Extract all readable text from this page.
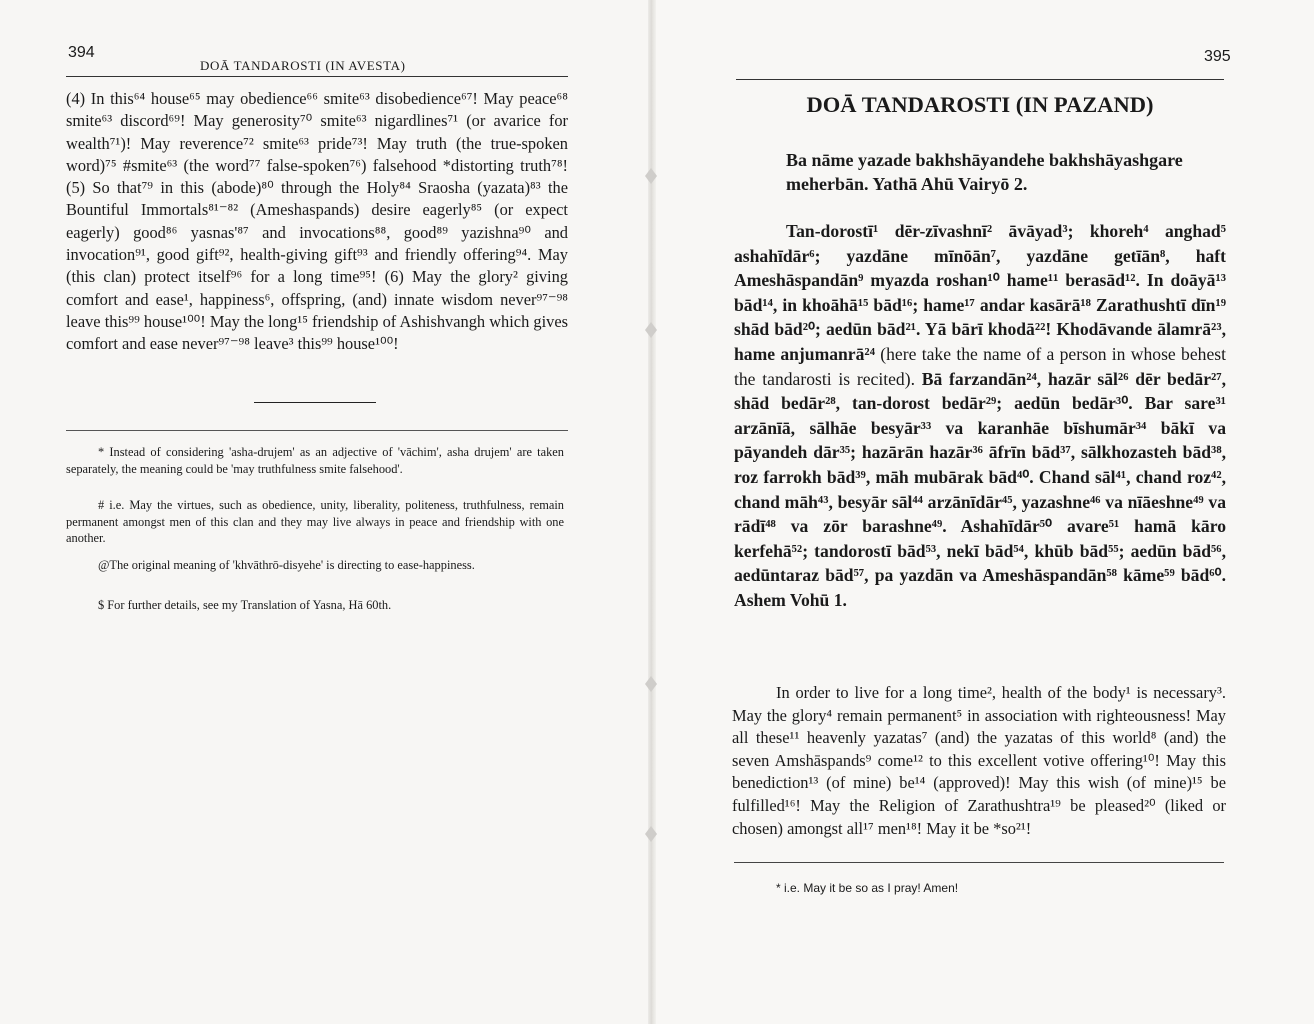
394
DOĀ TANDAROSTI (IN AVESTA)

(4) In this⁶⁴ house⁶⁵ may obedience⁶⁶ smite⁶³ disobedience⁶⁷! May peace⁶⁸ smite⁶³ discord⁶⁹! May generosity⁷⁰ smite⁶³ nigardlines⁷¹ (or avarice for wealth⁷¹)! May reverence⁷² smite⁶³ pride⁷³! May truth (the true-spoken word)⁷⁵ #smite⁶³ (the word⁷⁷ false-spoken⁷⁶) falsehood *distorting truth⁷⁸! (5) So that⁷⁹ in this (abode)⁸⁰ through the Holy⁸⁴ Sraosha (yazata)⁸³ the Bountiful Immortals⁸¹⁻⁸² (Ameshaspands) desire eagerly⁸⁵ (or expect eagerly) good⁸⁶ yasnas'⁸⁷ and invocations⁸⁸, good⁸⁹ yazishna⁹⁰ and invocation⁹¹, good gift⁹², health-giving gift⁹³ and friendly offering⁹⁴. May (this clan) protect itself⁹⁶ for a long time⁹⁵! (6) May the glory² giving comfort and ease¹, happiness⁶, offspring, (and) innate wisdom never⁹⁷⁻⁹⁸ leave this⁹⁹ house¹⁰⁰! May the long¹⁵ friendship of Ashishvangh which gives comfort and ease never⁹⁷⁻⁹⁸ leave³ this⁹⁹ house¹⁰⁰!

* Instead of considering 'asha-drujem' as an adjective of 'vāchim', asha drujem' are taken separately, the meaning could be 'may truthfulness smite falsehood'.

# i.e. May the virtues, such as obedience, unity, liberality, politeness, truthfulness, remain permanent amongst men of this clan and they may live always in peace and friendship with one another.

@The original meaning of 'khvāthrō-disyehe' is directing to ease-happiness.

$ For further details, see my Translation of Yasna, Hā 60th.

395
DOĀ TANDAROSTI (IN PAZAND)

Ba nāme yazade bakhshāyandehe bakhshāyashgare meherbān. Yathā Ahū Vairyō 2.

Tan-dorostī¹ dēr-zīvashnī² āvāyad³; khoreh⁴ anghad⁵ ashahīdār⁶; yazdāne mīnōān⁷, yazdāne getīān⁸, haft Ameshāspandān⁹ myazda roshan¹⁰ hame¹¹ berasād¹². In doāyā¹³ bād¹⁴, in khoāhā¹⁵ bād¹⁶; hame¹⁷ andar kasārā¹⁸ Zarathushtī dīn¹⁹ shād bād²⁰; aedūn bād²¹. Yā bārī khodā²²! Khodāvande ālamrā²³, hame anjumanrā²⁴ (here take the name of a person in whose behest the tandarosti is recited). Bā farzandān²⁴, hazār sāl²⁶ dēr bedār²⁷, shād bedār²⁸, tan-dorost bedār²⁹; aedūn bedār³⁰. Bar sare³¹ arzānīā, sālhāe besyār³³ va karanhāe bīshumār³⁴ bākī va pāyandeh dār³⁵; hazārān hazār³⁶ āfrīn bād³⁷, sālkhozasteh bād³⁸, roz farrokh bād³⁹, māh mubārak bād⁴⁰. Chand sāl⁴¹, chand roz⁴², chand māh⁴³, besyār sāl⁴⁴ arzānīdār⁴⁵, yazashne⁴⁶ va nīāeshne⁴⁹ va rādī⁴⁸ va zōr barashne⁴⁹. Ashahīdār⁵⁰ avare⁵¹ hamā kāro kerfehā⁵²; tandorostī bād⁵³, nekī bād⁵⁴, khūb bād⁵⁵; aedūn bād⁵⁶, aedūntaraz bād⁵⁷, pa yazdān va Ameshāspandān⁵⁸ kāme⁵⁹ bād⁶⁰. Ashem Vohū 1.

In order to live for a long time², health of the body¹ is necessary³. May the glory⁴ remain permanent⁵ in association with righteousness! May all these¹¹ heavenly yazatas⁷ (and) the yazatas of this world⁸ (and) the seven Amshāspands⁹ come¹² to this excellent votive offering¹⁰! May this benediction¹³ (of mine) be¹⁴ (approved)! May this wish (of mine)¹⁵ be fulfilled¹⁶! May the Religion of Zarathushtra¹⁹ be pleased²⁰ (liked or chosen) amongst all¹⁷ men¹⁸! May it be *so²¹!

* i.e. May it be so as I pray! Amen!
